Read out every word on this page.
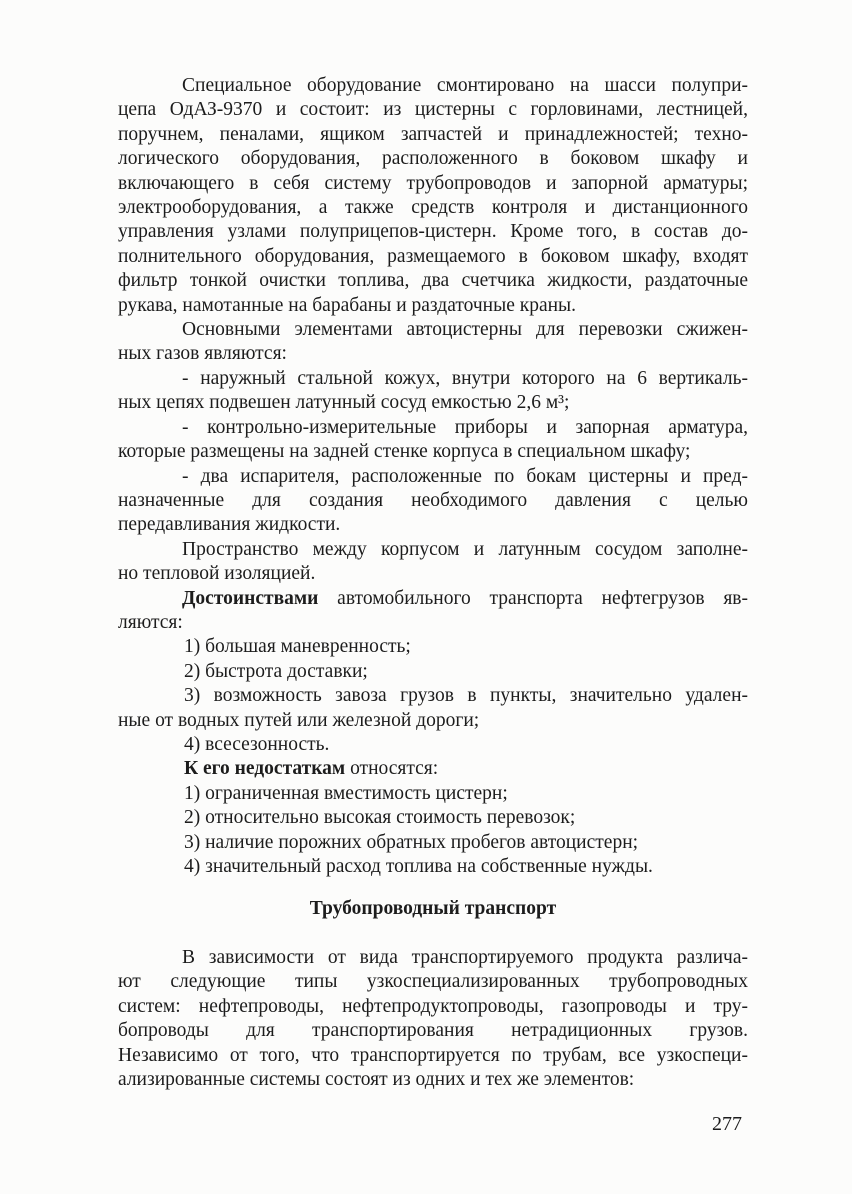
Специальное оборудование смонтировано на шасси полупри-
цепа ОдАЗ-9370 и состоит: из цистерны с горловинами, лестницей,
поручнем, пеналами, ящиком запчастей и принадлежностей; техно-
логического оборудования, расположенного в боковом шкафу и
включающего в себя систему трубопроводов и запорной арматуры;
электрооборудования, а также средств контроля и дистанционного
управления узлами полуприцепов-цистерн. Кроме того, в состав до-
полнительного оборудования, размещаемого в боковом шкафу, входят
фильтр тонкой очистки топлива, два счетчика жидкости, раздаточные
рукава, намотанные на барабаны и раздаточные краны.
Основными элементами автоцистерны для перевозки сжижен-
ных газов являются:
- наружный стальной кожух, внутри которого на 6 вертикаль-
ных цепях подвешен латунный сосуд емкостью 2,6 м³;
- контрольно-измерительные приборы и запорная арматура,
которые размещены на задней стенке корпуса в специальном шкафу;
- два испарителя, расположенные по бокам цистерны и пред-
назначенные для создания необходимого давления с целью
передавливания жидкости.
Пространство между корпусом и латунным сосудом заполне-
но тепловой изоляцией.
Достоинствами автомобильного транспорта нефтегрузов яв-
ляются:
1) большая маневренность;
2) быстрота доставки;
3) возможность завоза грузов в пункты, значительно удален-
ные от водных путей или железной дороги;
4) всесезонность.
К его недостаткам относятся:
1) ограниченная вместимость цистерн;
2) относительно высокая стоимость перевозок;
3) наличие порожних обратных пробегов автоцистерн;
4) значительный расход топлива на собственные нужды.
Трубопроводный транспорт
В зависимости от вида транспортируемого продукта различа-
ют следующие типы узкоспециализированных трубопроводных
систем: нефтепроводы, нефтепродуктопроводы, газопроводы и тру-
бопроводы для транспортирования нетрадиционных грузов.
Независимо от того, что транспортируется по трубам, все узкоспеци-
ализированные системы состоят из одних и тех же элементов:
277
